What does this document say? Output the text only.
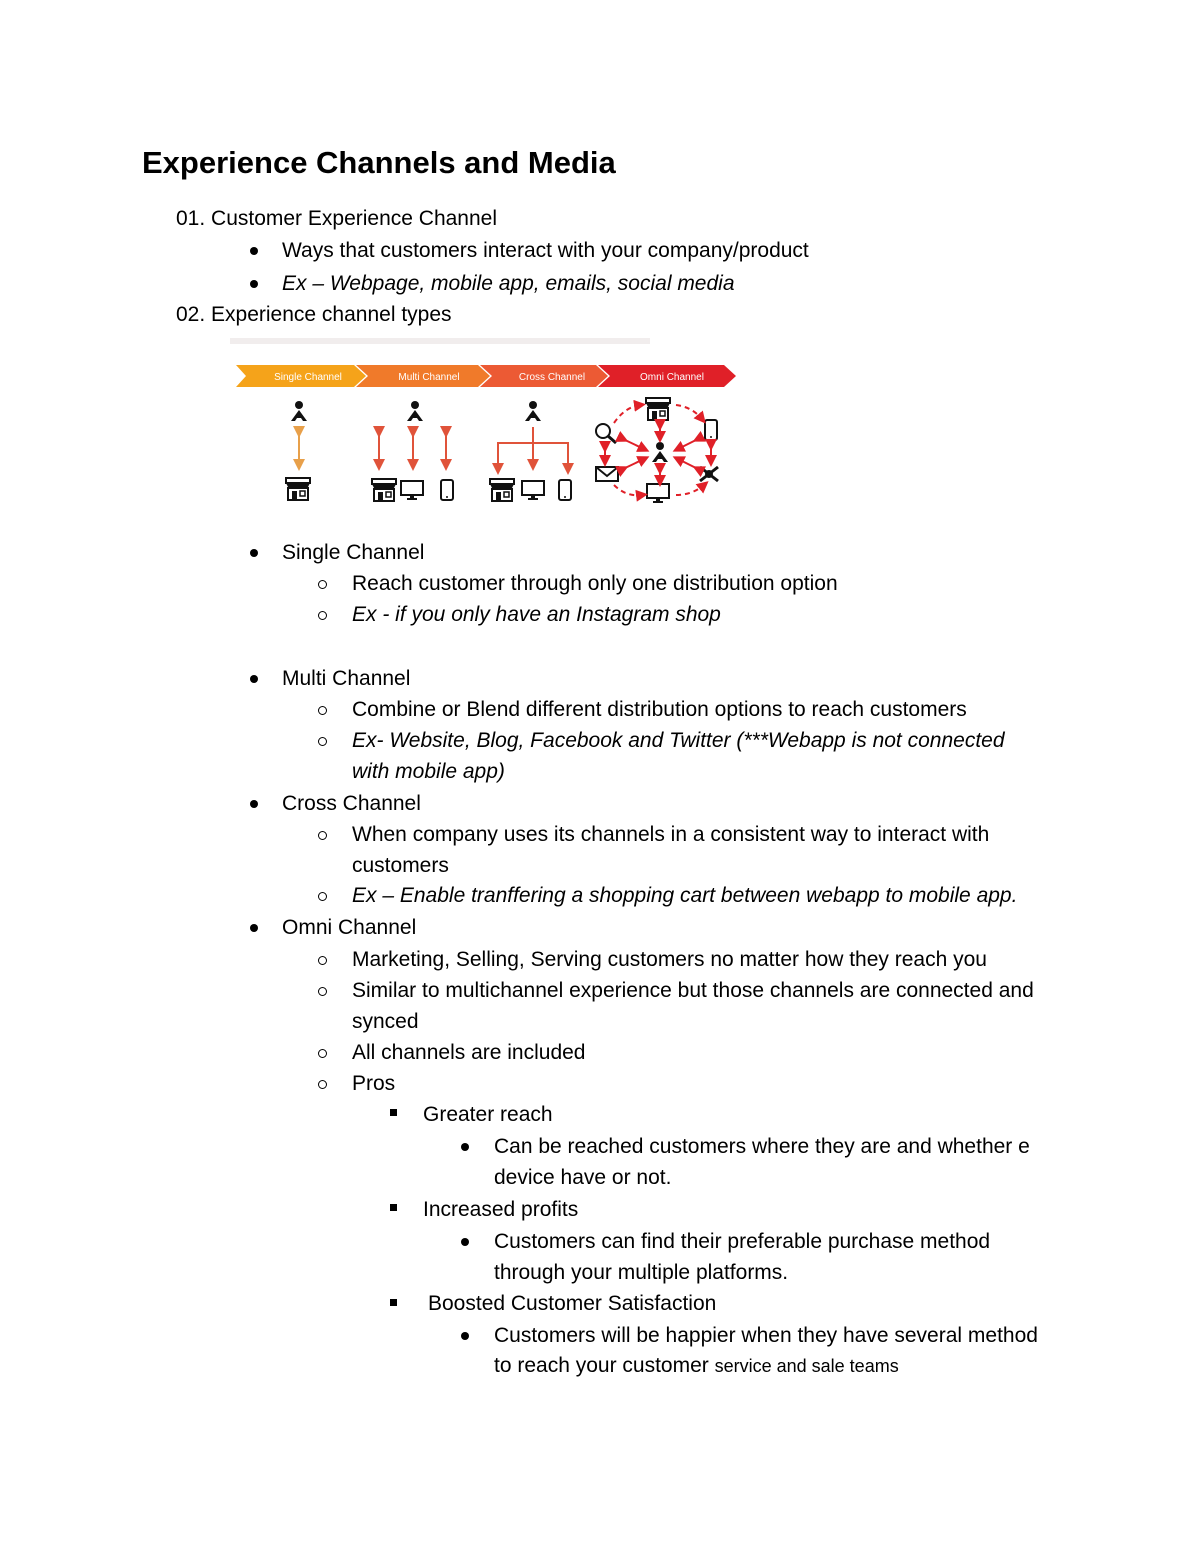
Experience Channels and Media
01. Customer Experience Channel
Ways that customers interact with your company/product
Ex – Webpage, mobile app, emails, social media
02. Experience channel types
Single Channel	Multi Channel	Cross Channel	Omni Channel
Single Channel
Reach customer through only one distribution option
Ex - if you only have an Instagram shop
Multi Channel
Combine or Blend different distribution options to reach customers
Ex- Website, Blog, Facebook and Twitter (***Webapp is not connected
with mobile app)
Cross Channel
When company uses its channels in a consistent way to interact with
customers
Ex – Enable tranffering a shopping cart between webapp to mobile app.
Omni Channel
Marketing, Selling, Serving customers no matter how they reach you
Similar to multichannel experience but those channels are connected and
synced
All channels are included
Pros
Greater reach
Can be reached customers where they are and whether e
device have or not.
Increased profits
Customers can find their preferable purchase method
through your multiple platforms.
Boosted Customer Satisfaction
Customers will be happier when they have several method
to reach your customer service and sale teams
